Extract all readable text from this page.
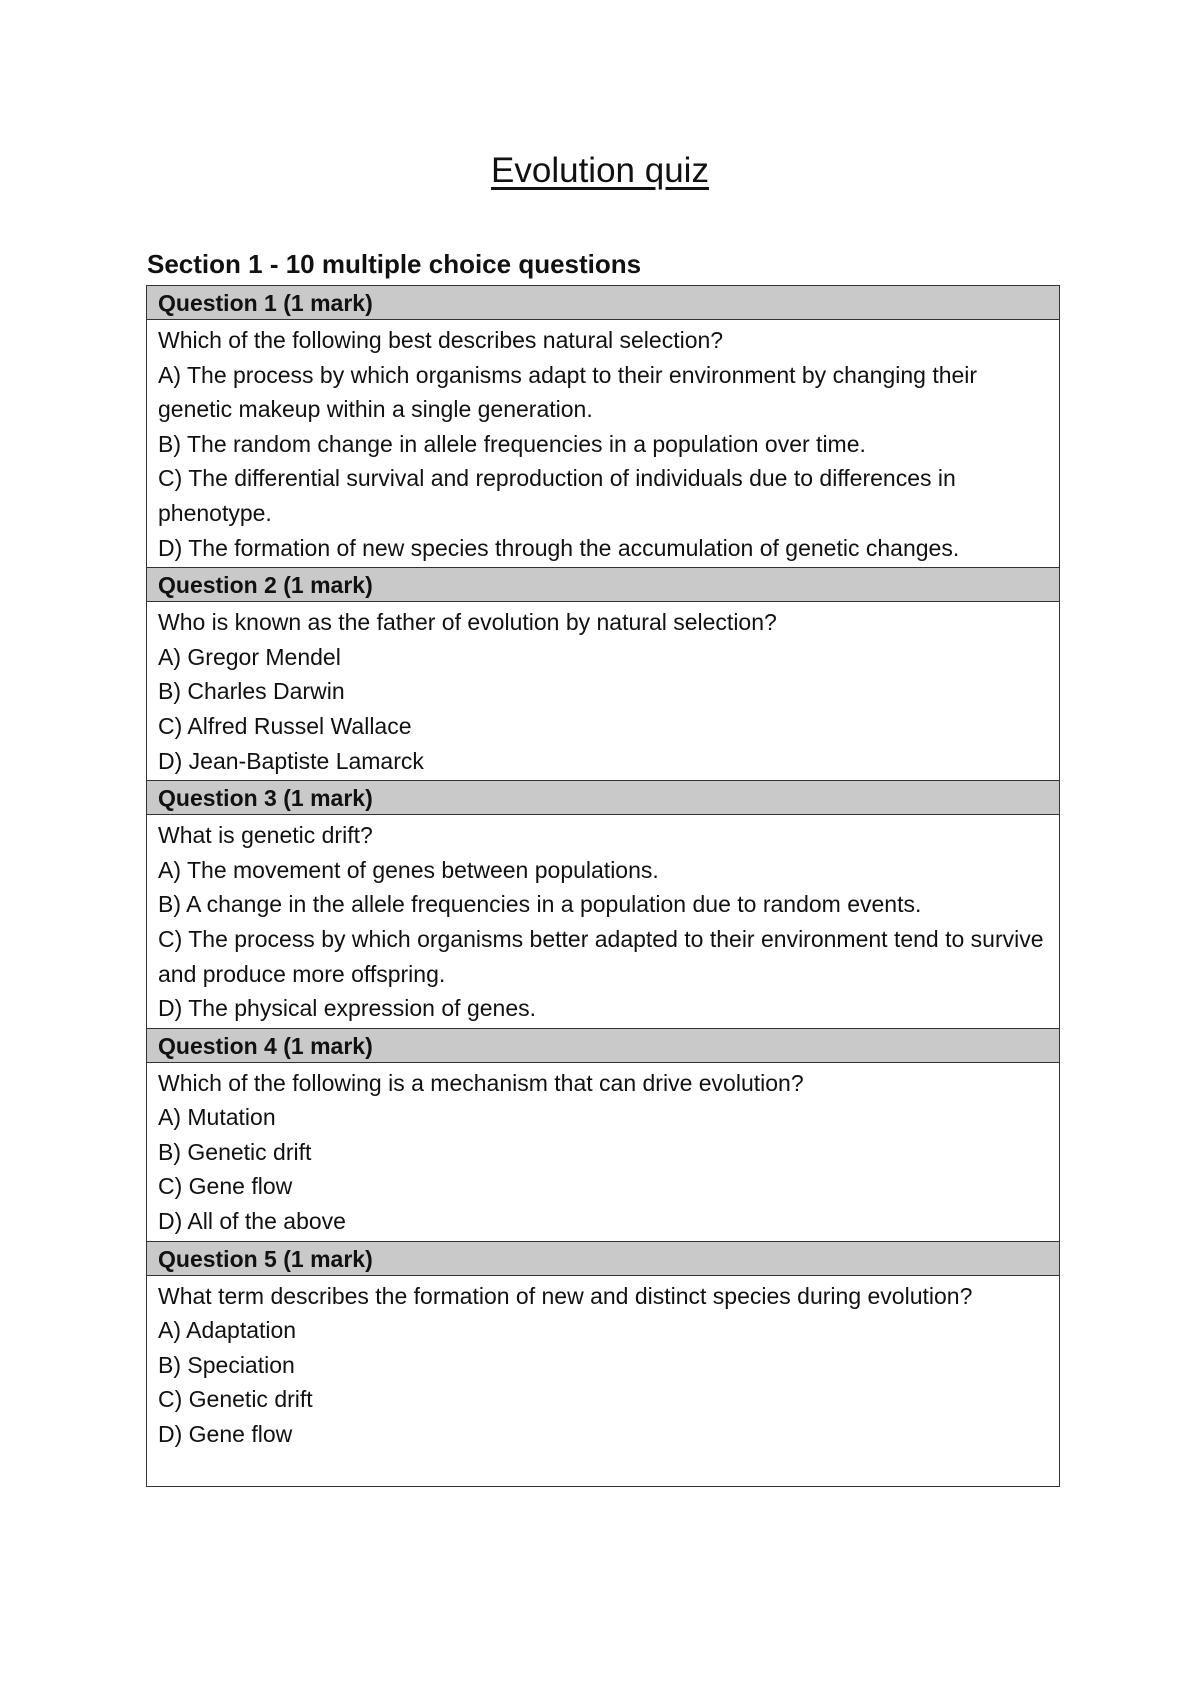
Evolution quiz
Section 1 - 10 multiple choice questions
Question 1 (1 mark)
Which of the following best describes natural selection?
A) The process by which organisms adapt to their environment by changing their genetic makeup within a single generation.
B) The random change in allele frequencies in a population over time.
C) The differential survival and reproduction of individuals due to differences in phenotype.
D) The formation of new species through the accumulation of genetic changes.
Question 2 (1 mark)
Who is known as the father of evolution by natural selection?
A) Gregor Mendel
B) Charles Darwin
C) Alfred Russel Wallace
D) Jean-Baptiste Lamarck
Question 3 (1 mark)
What is genetic drift?
A) The movement of genes between populations.
B) A change in the allele frequencies in a population due to random events.
C) The process by which organisms better adapted to their environment tend to survive and produce more offspring.
D) The physical expression of genes.
Question 4 (1 mark)
Which of the following is a mechanism that can drive evolution?
A) Mutation
B) Genetic drift
C) Gene flow
D) All of the above
Question 5 (1 mark)
What term describes the formation of new and distinct species during evolution?
A) Adaptation
B) Speciation
C) Genetic drift
D) Gene flow
